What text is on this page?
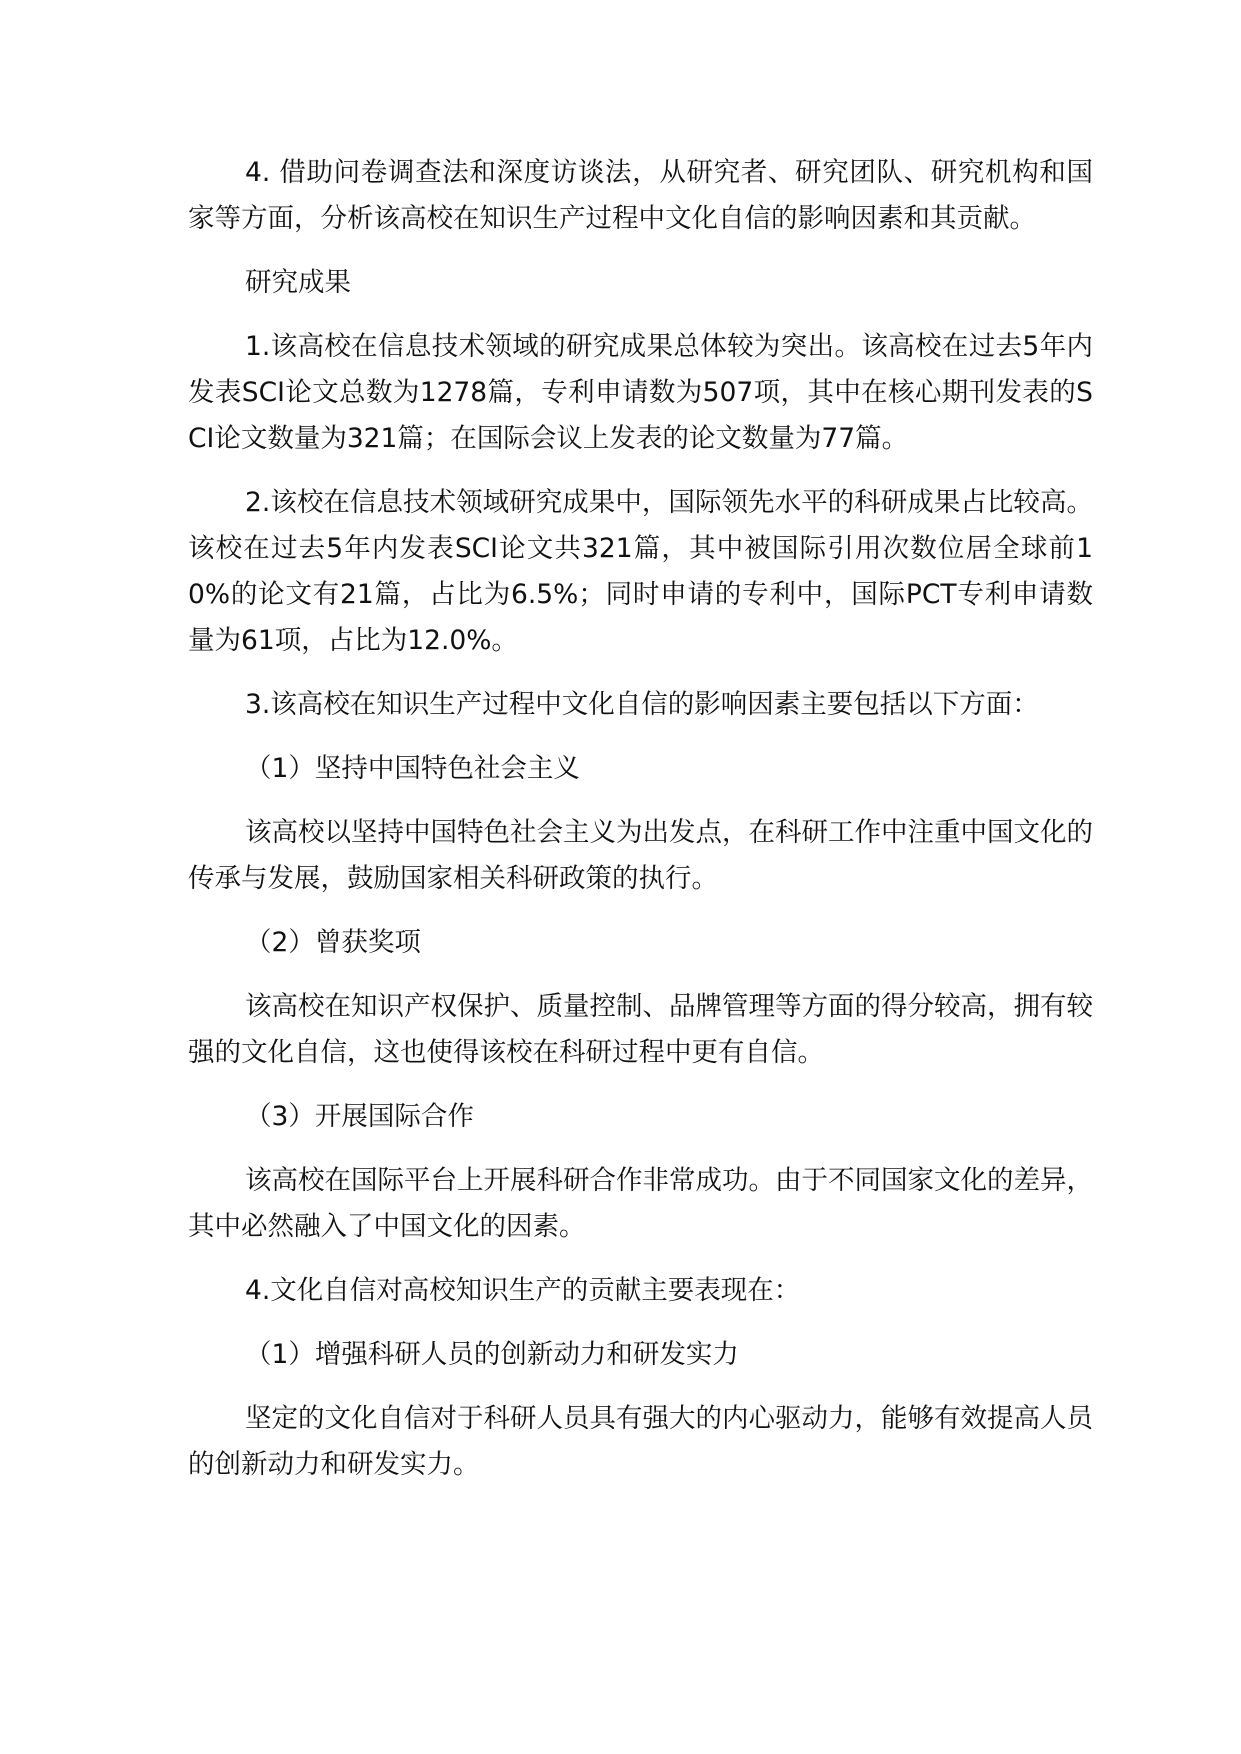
4. 借助问卷调查法和深度访谈法，从研究者、研究团队、研究机构和国家等方面，分析该高校在知识生产过程中文化自信的影响因素和其贡献。

研究成果

1.该高校在信息技术领域的研究成果总体较为突出。该高校在过去5年内发表SCI论文总数为1278篇，专利申请数为507项，其中在核心期刊发表的SCI论文数量为321篇；在国际会议上发表的论文数量为77篇。

2.该校在信息技术领域研究成果中，国际领先水平的科研成果占比较高。该校在过去5年内发表SCI论文共321篇，其中被国际引用次数位居全球前10%的论文有21篇，占比为6.5%；同时申请的专利中，国际PCT专利申请数量为61项，占比为12.0%。

3.该高校在知识生产过程中文化自信的影响因素主要包括以下方面：

（1）坚持中国特色社会主义

该高校以坚持中国特色社会主义为出发点，在科研工作中注重中国文化的传承与发展，鼓励国家相关科研政策的执行。

（2）曾获奖项

该高校在知识产权保护、质量控制、品牌管理等方面的得分较高，拥有较强的文化自信，这也使得该校在科研过程中更有自信。

（3）开展国际合作

该高校在国际平台上开展科研合作非常成功。由于不同国家文化的差异，其中必然融入了中国文化的因素。

4.文化自信对高校知识生产的贡献主要表现在：

（1）增强科研人员的创新动力和研发实力

坚定的文化自信对于科研人员具有强大的内心驱动力，能够有效提高人员的创新动力和研发实力。
